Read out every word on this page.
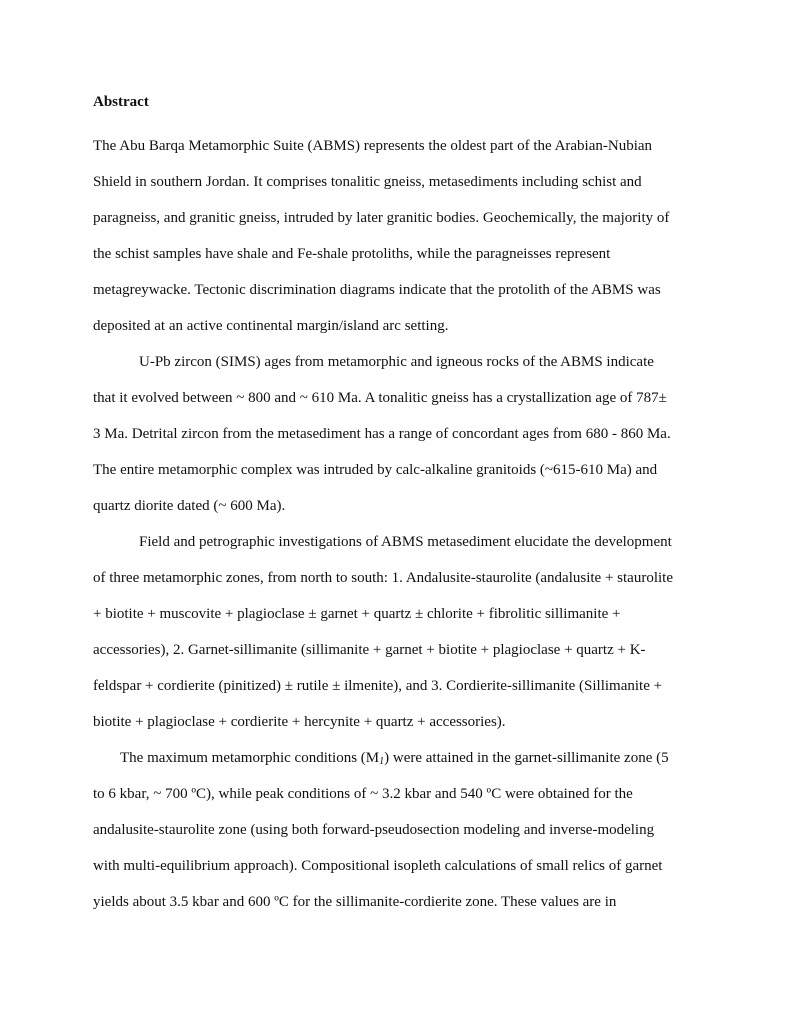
Abstract
The Abu Barqa Metamorphic Suite (ABMS) represents the oldest part of the Arabian-Nubian
Shield in southern Jordan. It comprises tonalitic gneiss, metasediments including schist and
paragneiss, and granitic gneiss, intruded by later granitic bodies. Geochemically, the majority of
the schist samples have shale and Fe-shale protoliths, while the paragneisses represent
metagreywacke. Tectonic discrimination diagrams indicate that the protolith of the ABMS was
deposited at an active continental margin/island arc setting.
U-Pb zircon (SIMS) ages from metamorphic and igneous rocks of the ABMS indicate
that it evolved between ~ 800 and ~ 610 Ma. A tonalitic gneiss has a crystallization age of 787±
3 Ma. Detrital zircon from the metasediment has a range of concordant ages from 680 - 860 Ma.
The entire metamorphic complex was intruded by calc-alkaline granitoids (~615-610 Ma) and
quartz diorite dated (~ 600 Ma).
Field and petrographic investigations of ABMS metasediment elucidate the development
of three metamorphic zones, from north to south: 1. Andalusite-staurolite (andalusite + staurolite
+ biotite + muscovite + plagioclase ± garnet + quartz ± chlorite + fibrolitic sillimanite +
accessories), 2. Garnet-sillimanite (sillimanite + garnet + biotite + plagioclase + quartz + K-
feldspar + cordierite (pinitized) ± rutile ± ilmenite), and 3. Cordierite-sillimanite (Sillimanite +
biotite + plagioclase + cordierite + hercynite + quartz + accessories).
The maximum metamorphic conditions $(M_1)$ were attained in the garnet-sillimanite zone (5
to 6 kbar, ~ 700 ºC), while peak conditions of ~ 3.2 kbar and 540 ºC were obtained for the
andalusite-staurolite zone (using both forward-pseudosection modeling and inverse-modeling
with multi-equilibrium approach). Compositional isopleth calculations of small relics of garnet
yields about 3.5 kbar and 600 ºC for the sillimanite-cordierite zone. These values are in
